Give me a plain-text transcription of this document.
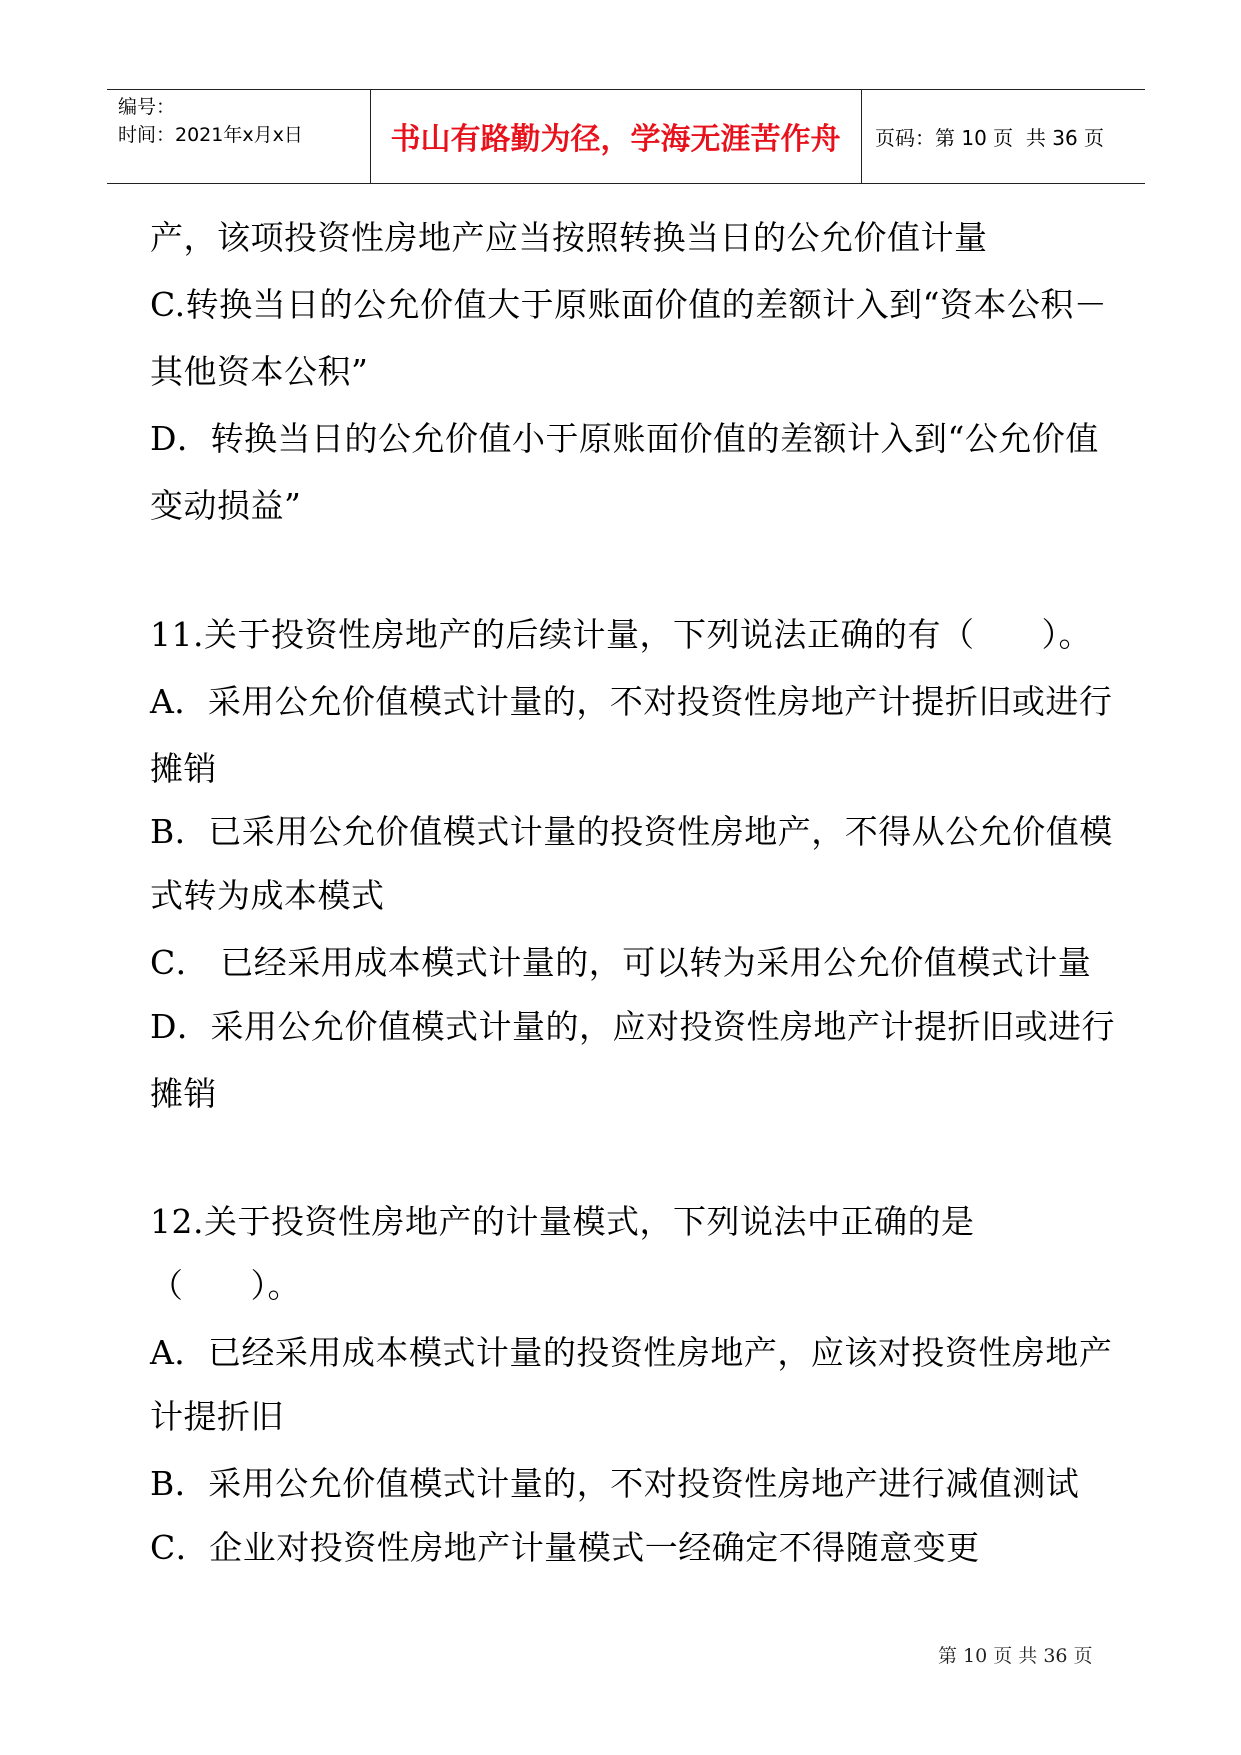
编号：
时间：2021年x月x日	书山有路勤为径，学海无涯苦作舟	页码：第 10 页  共 36 页
产，该项投资性房地产应当按照转换当日的公允价值计量
C.转换当日的公允价值大于原账面价值的差额计入到“资本公积－
其他资本公积”
D．转换当日的公允价值小于原账面价值的差额计入到“公允价值
变动损益”
11.关于投资性房地产的后续计量，下列说法正确的有（　　）。
A．采用公允价值模式计量的，不对投资性房地产计提折旧或进行
摊销
B．已采用公允价值模式计量的投资性房地产，不得从公允价值模
式转为成本模式
C． 已经采用成本模式计量的，可以转为采用公允价值模式计量
D．采用公允价值模式计量的，应对投资性房地产计提折旧或进行
摊销
12.关于投资性房地产的计量模式，下列说法中正确的是
（　　）。
A．已经采用成本模式计量的投资性房地产，应该对投资性房地产
计提折旧
B．采用公允价值模式计量的，不对投资性房地产进行减值测试
C．企业对投资性房地产计量模式一经确定不得随意变更
第 10 页 共 36 页
